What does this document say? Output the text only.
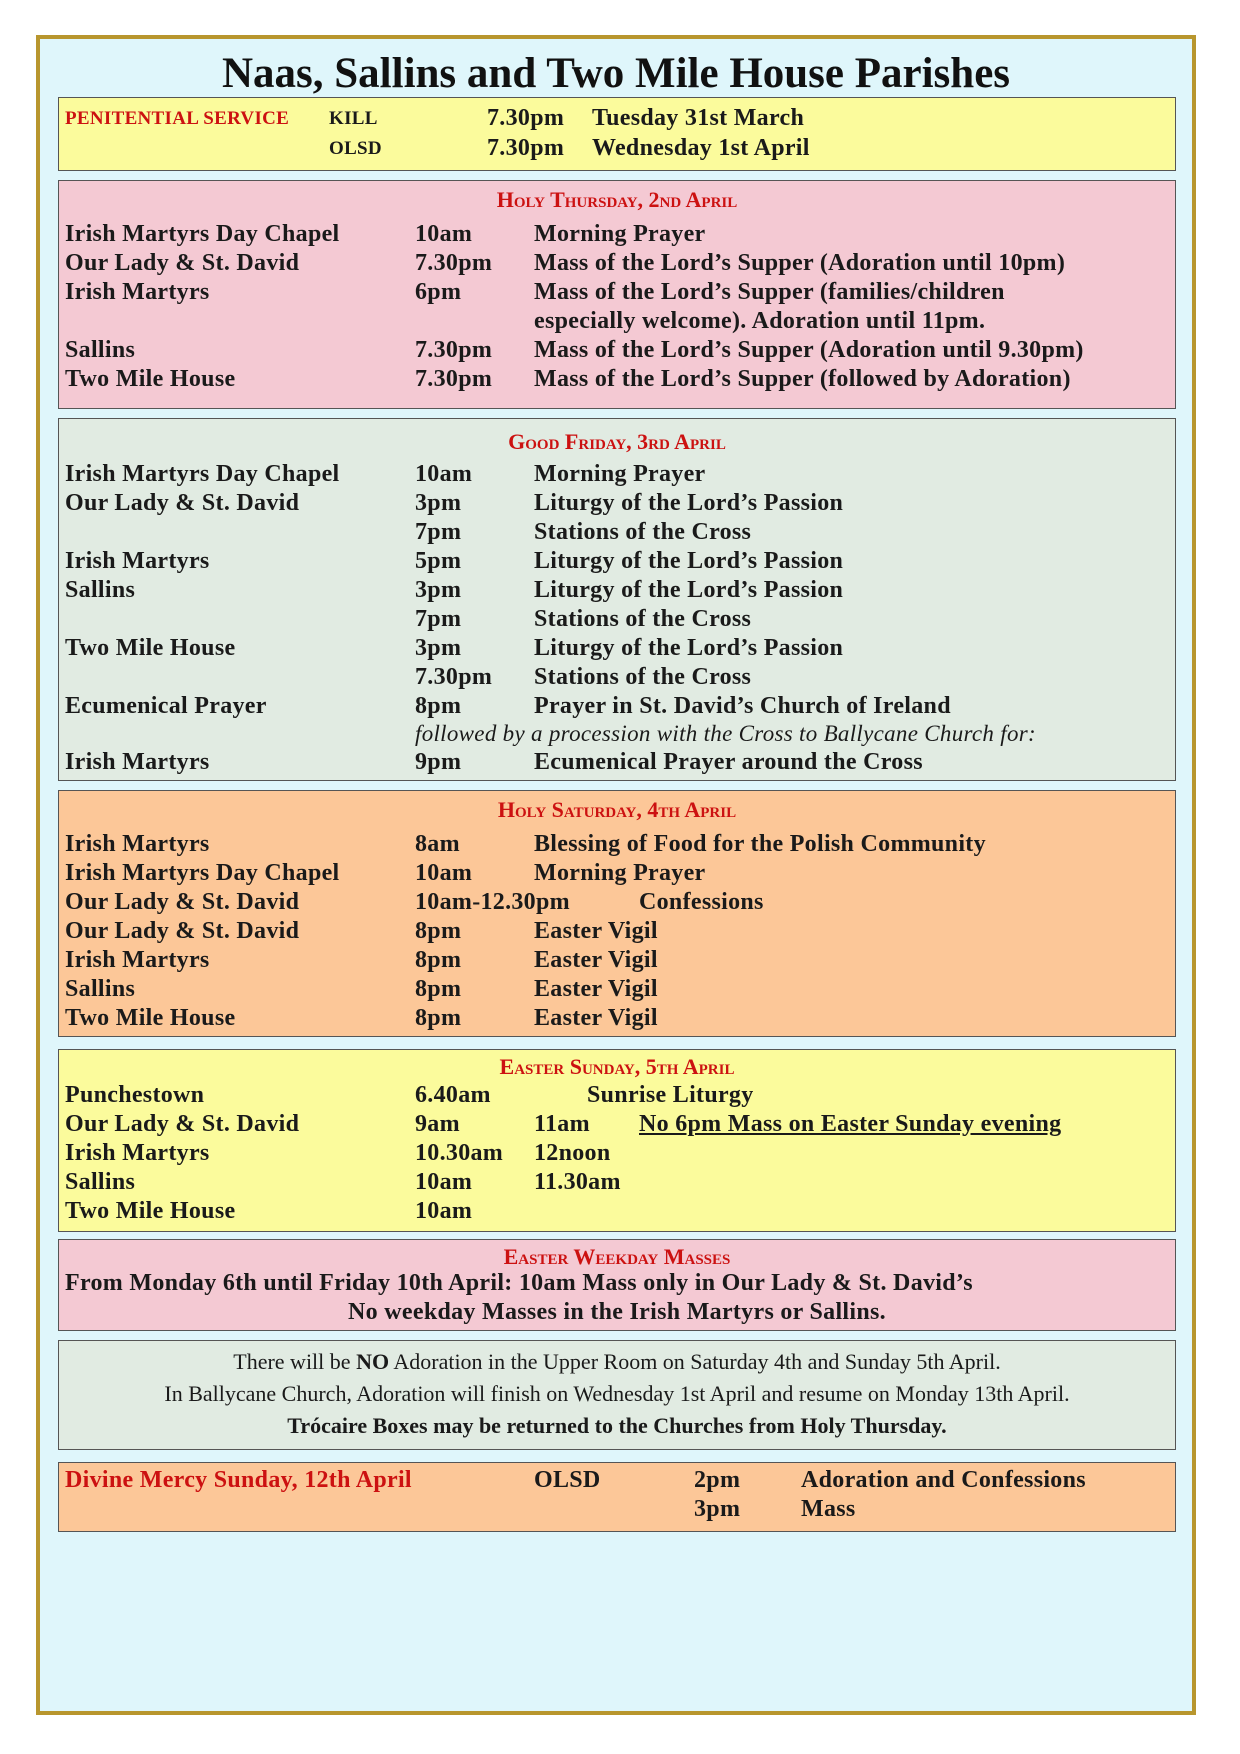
Naas, Sallins and Two Mile House Parishes
PENITENTIAL SERVICE KILL	7.30pm Tuesday 31st March
OLSD	7.30pm Wednesday 1st April
Holy Thursday, 2nd April
Irish Martyrs Day Chapel	10am	Morning Prayer
Our Lady & St. David	7.30pm Mass of the Lord’s Supper (Adoration until 10pm)
Irish Martyrs	6pm	Mass of the Lord’s Supper (families/children
especially welcome). Adoration until 11pm.
Sallins	7.30pm Mass of the Lord’s Supper (Adoration until 9.30pm)
Two Mile House	7.30pm Mass of the Lord’s Supper (followed by Adoration)
Good Friday, 3rd April
Irish Martyrs Day Chapel	10am	Morning Prayer
Our Lady & St. David	3pm	Liturgy of the Lord’s Passion
7pm	Stations of the Cross
Irish Martyrs	5pm	Liturgy of the Lord’s Passion
Sallins	3pm	Liturgy of the Lord’s Passion
7pm	Stations of the Cross
Two Mile House	3pm	Liturgy of the Lord’s Passion
7.30pm Stations of the Cross
Ecumenical Prayer	8pm	Prayer in St. David’s Church of Ireland
followed by a procession with the Cross to Ballycane Church for:
Irish Martyrs	9pm	Ecumenical Prayer around the Cross
Holy Saturday, 4th April
Irish Martyrs	8am	Blessing of Food for the Polish Community
Irish Martyrs Day Chapel	10am	Morning Prayer
Our Lady & St. David	10am-12.30pm	Confessions
Our Lady & St. David	8pm	Easter Vigil
Irish Martyrs	8pm	Easter Vigil
Sallins	8pm	Easter Vigil
Two Mile House	8pm	Easter Vigil
Easter Sunday, 5th April
Punchestown	6.40am	Sunrise Liturgy
Our Lady & St. David	9am	11am No 6pm Mass on Easter Sunday evening
Irish Martyrs	10.30am 12noon
Sallins	10am	11.30am
Two Mile House	10am
Easter Weekday Masses
From Monday 6th until Friday 10th April: 10am Mass only in Our Lady & St. David’s
No weekday Masses in the Irish Martyrs or Sallins.
There will be NO Adoration in the Upper Room on Saturday 4th and Sunday 5th April.
In Ballycane Church, Adoration will finish on Wednesday 1st April and resume on Monday 13th April.
Trócaire Boxes may be returned to the Churches from Holy Thursday.
Divine Mercy Sunday, 12th April	OLSD	2pm	Adoration and Confessions
3pm	Mass
